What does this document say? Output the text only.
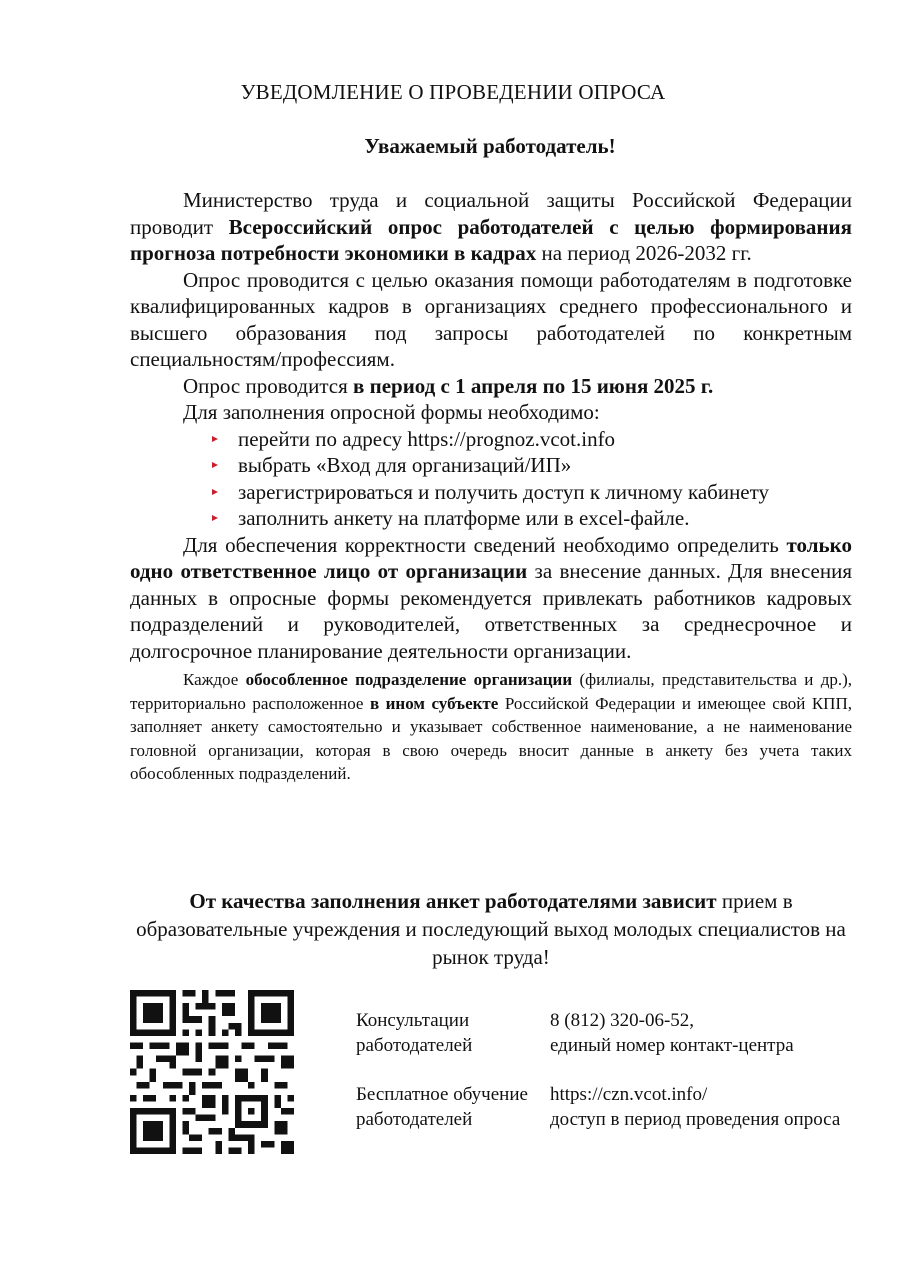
УВЕДОМЛЕНИЕ О ПРОВЕДЕНИИ ОПРОСА
Уважаемый работодатель!

Министерство труда и социальной защиты Российской Федерации проводит Всероссийский опрос работодателей с целью формирования прогноза потребности экономики в кадрах на период 2026-2032 гг.

Опрос проводится с целью оказания помощи работодателям в подготовке квалифицированных кадров в организациях среднего профессионального и высшего образования под запросы работодателей по конкретным специальностям/профессиям.

Опрос проводится в период с 1 апреля по 15 июня 2025 г.

Для заполнения опросной формы необходимо:

перейти по адресу https://prognoz.vcot.info
выбрать «Вход для организаций/ИП»
зарегистрироваться и получить доступ к личному кабинету
заполнить анкету на платформе или в excel-файле.

Для обеспечения корректности сведений необходимо определить только одно ответственное лицо от организации за внесение данных. Для внесения данных в опросные формы рекомендуется привлекать работников кадровых подразделений и руководителей, ответственных за среднесрочное и долгосрочное планирование деятельности организации.

Каждое обособленное подразделение организации (филиалы, представительства и др.), территориально расположенное в ином субъекте Российской Федерации и имеющее свой КПП, заполняет анкету самостоятельно и указывает собственное наименование, а не наименование головной организации, которая в свою очередь вносит данные в анкету без учета таких обособленных подразделений.

От качества заполнения анкет работодателями зависит прием в образовательные учреждения и последующий выход молодых специалистов на рынок труда!
Консультации работодателей
8 (812) 320-06-52,
единый номер контакт-центра
Бесплатное обучение работодателей
https://czn.vcot.info/
доступ в период проведения опроса
